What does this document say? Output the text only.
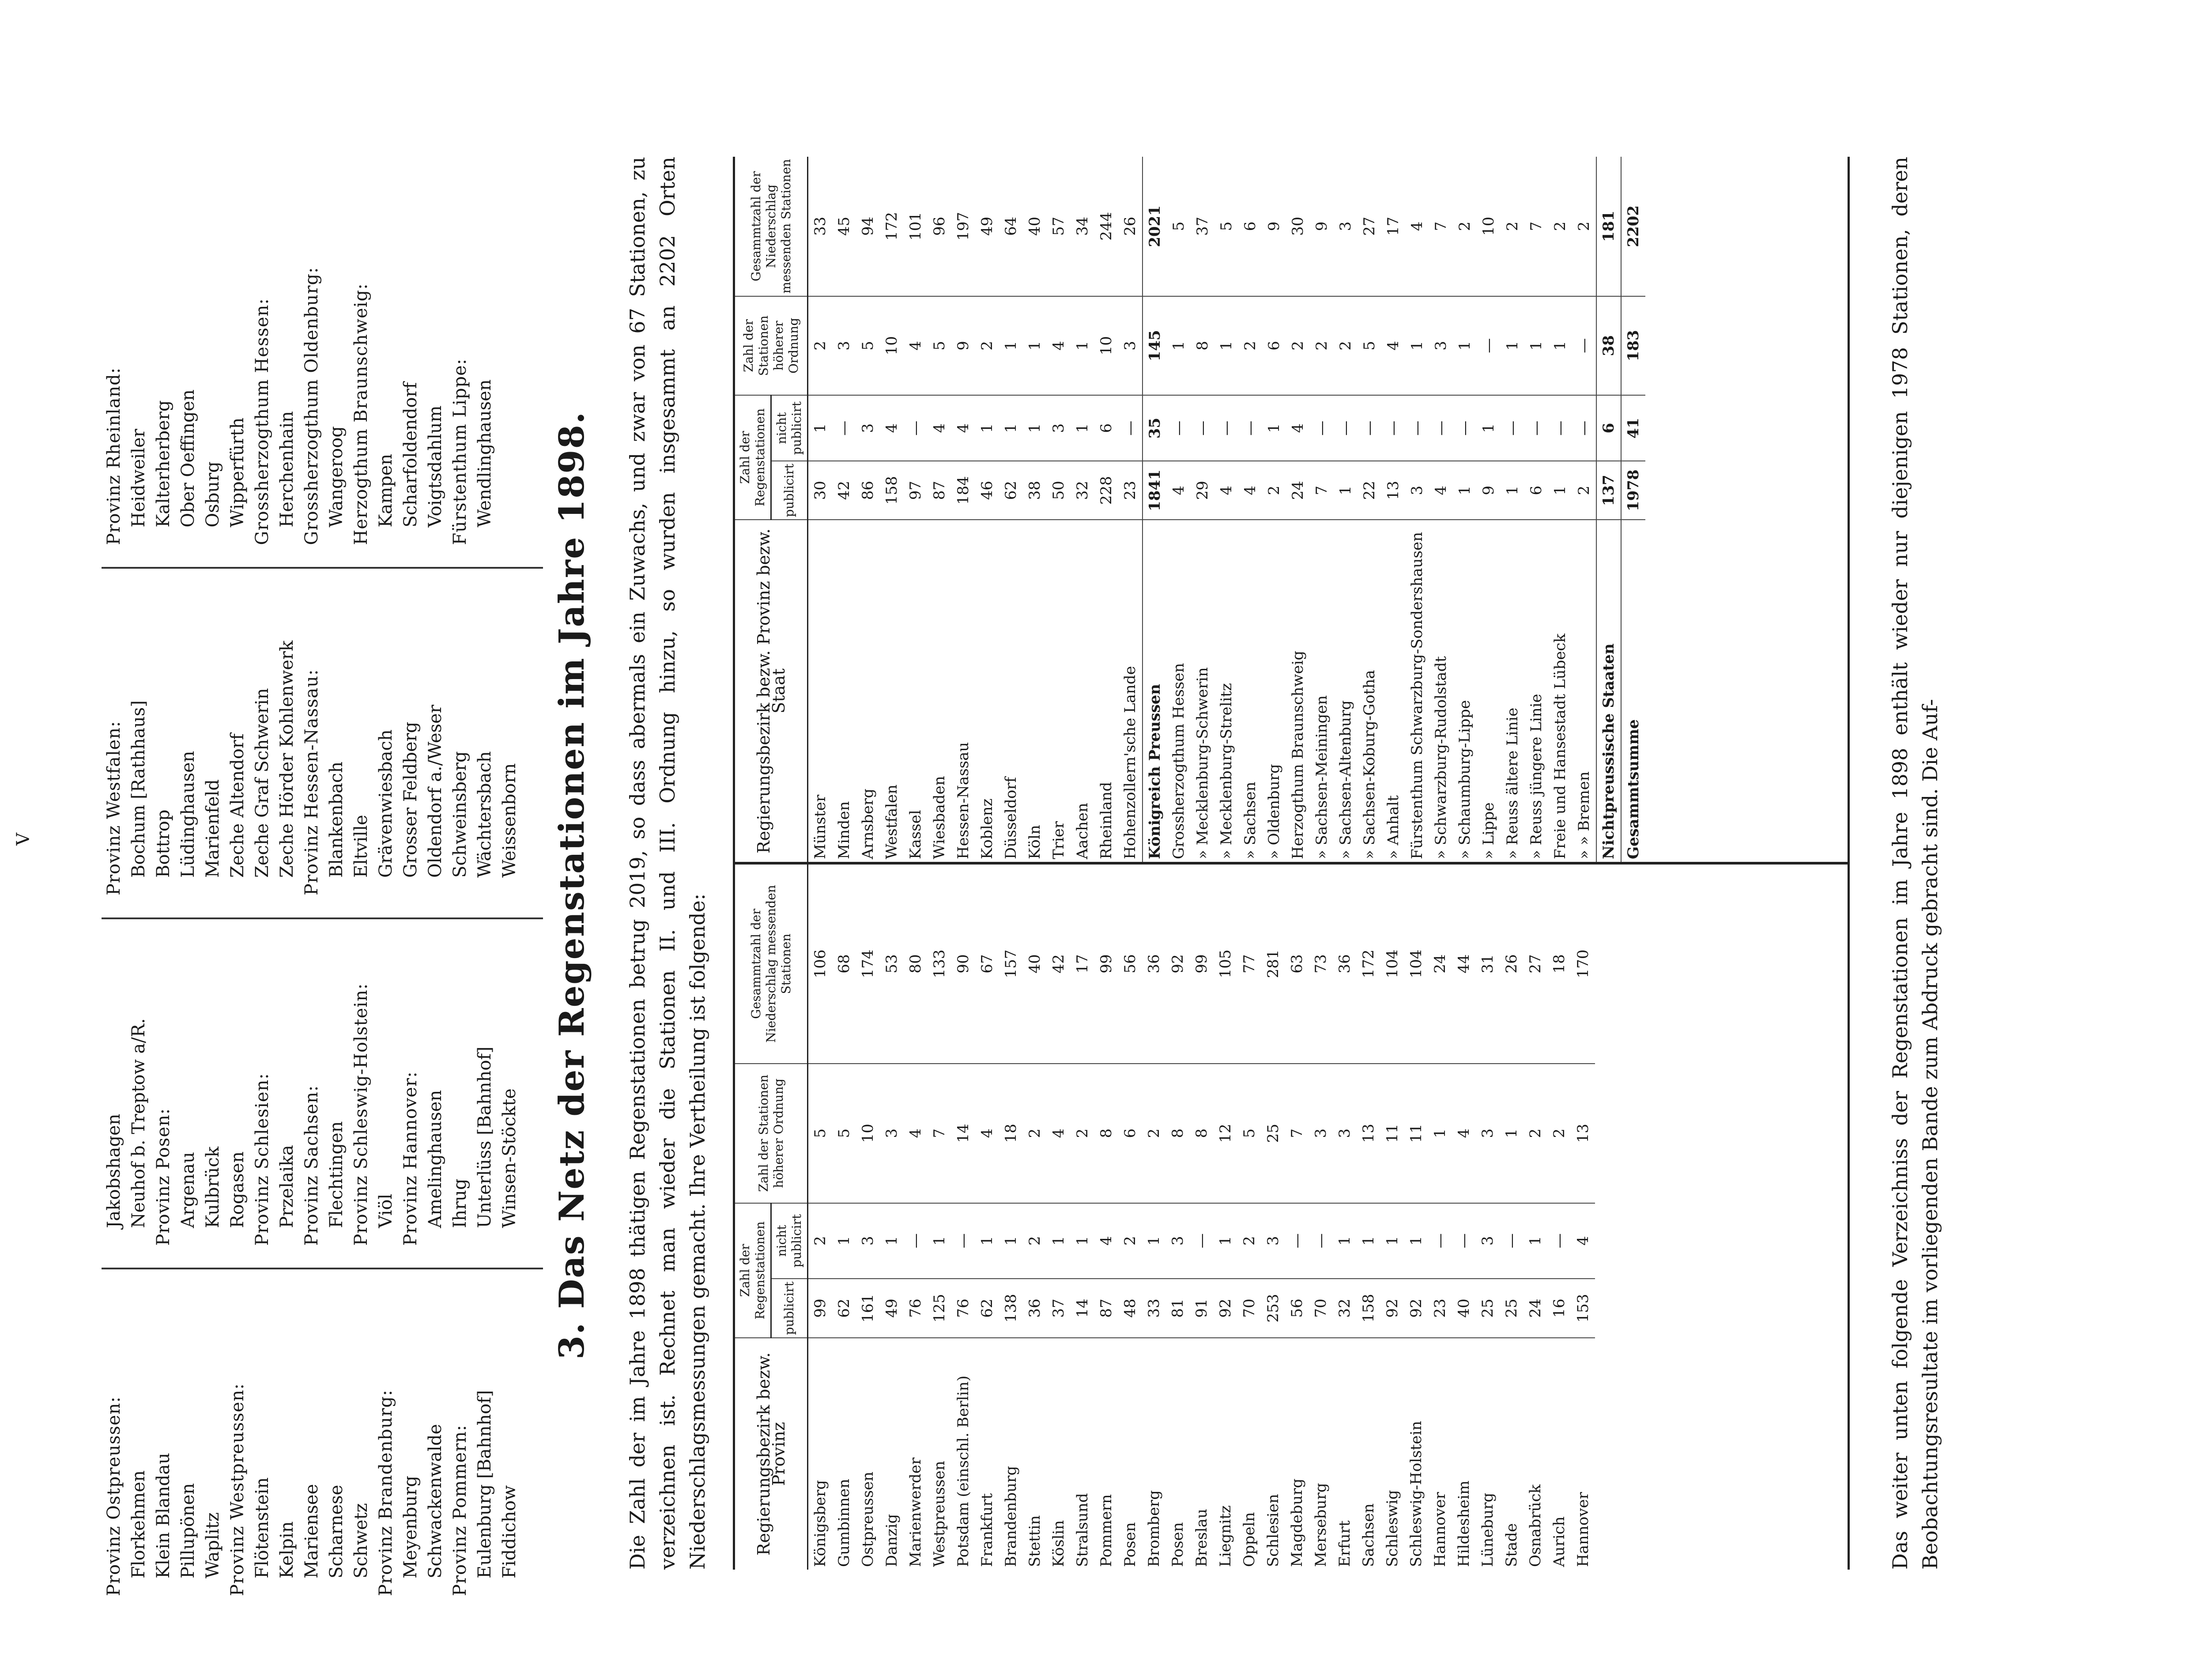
V
Provinz Ostpreussen: Florkehmen Klein Blandau Pillupönen Waplitz Provinz Westpreussen: Flötenstein Kelpin Mariensee Scharnese Schwetz Provinz Brandenburg: Meyenburg Schwackenwalde Provinz Pommern: Eulenburg [Bahnhof] Fiddichow
Jakobshagen Neuhof b. Treptow a/R. Provinz Posen: Argenau Kulbrück Rogasen Provinz Schlesien: Przelaika Provinz Sachsen: Flechtingen Provinz Schleswig-Holstein: Viöl Provinz Hannover: Amelinghausen Ihrug Unterlüss [Bahnhof] Winsen-Stöckte
Provinz Westfalen: Bochum [Rathhaus] Bottrop Lüdinghausen Marienfeld Zeche Altendorf Zeche Graf Schwerin Zeche Hörder Kohlenwerk Provinz Hessen-Nassau: Blankenbach Eltville Grävenwiesbach Grosser Feldberg Oldendorf a./Weser Schweinsberg Wächtersbach Weissenborn
Provinz Rheinland: Heidweiler Kalterherberg Ober Oeffingen Osburg Wipperfürth Grossherzogthum Hessen: Herchenhain Grossherzogthum Oldenburg: Wangeroog Herzogthum Braunschweig: Kampen Scharfoldendorf Voigtsdahlum Fürstenthum Lippe: Wendlinghausen 3. Das Netz der Regenstationen im Jahre 1898. Die Zahl der im Jahre 1898 thätigen Regenstationen betrug 2019, so dass abermals ein Zuwachs, und zwar von 67 Stationen, zu verzeichnen ist. Rechnet man wieder die Stationen II. und III. Ordnung hinzu, so wurden insgesammt an 2202 Orten Niederschlagsmessungen gemacht. Ihre Vertheilung ist folgende:	Regierungsbezirk bezw. Provinz	Zahl der Regenstationen		Zahl der Stationen höherer Ordnung	Gesammtzahl der Niederschlag messenden Stationen
	publicirt	nicht publicirt		
Königsberg	99	2	5	106
Gumbinnen	62	1	5	68
Ostpreussen	161	3	10	174
Danzig	49	1	3	53
Marienwerder	76	—	4	80
Westpreussen	125	1	7	133
Potsdam (einschl. Berlin)	76	—	14	90
Frankfurt	62	1	4	67
Brandenburg	138	1	18	157
Stettin	36	2	2	40
Köslin	37	1	4	42
Stralsund	14	1	2	17
Pommern	87	4	8	99
Posen	48	2	6	56
Bromberg	33	1	2	36
Posen	81	3	8	92
Breslau	91	—	8	99
Liegnitz	92	1	12	105
Oppeln	70	2	5	77
Schlesien	253	3	25	281
Magdeburg	56	—	7	63
Merseburg	70	—	3	73
Erfurt	32	1	3	36
Sachsen	158	1	13	172
Schleswig	92	1	11	104
Schleswig-Holstein	92	1	11	104
Hannover	23	—	1	24
Hildesheim	40	—	4	44
Lüneburg	25	3	3	31
Stade	25	—	1	26
Osnabrück	24	1	2	27
Aurich	16	—	2	18
Hannover	153	4	13	170
Regierungsbezirk bezw. Provinz bezw. Staat	Zahl der Regenstationen		Zahl der Stationen höherer Ordnung	Gesammtzahl der Niederschlag messenden Stationen
	publicirt	nicht publicirt		
Münster	30	1	2	33
Minden	42	—	3	45
Arnsberg	86	3	5	94
Westfalen	158	4	10	172
Kassel	97	—	4	101
Wiesbaden	87	4	5	96
Hessen-Nassau	184	4	9	197
Koblenz	46	1	2	49
Düsseldorf	62	1	1	64
Köln	38	1	1	40
Trier	50	3	4	57
Aachen	32	1	1	34
Rheinland	228	6	10	244
Hohenzollern'sche Lande	23	—	3	26
Königreich Preussen	1841	35	145	2021
Grossherzogthum Hessen	4	—	1	5
» Mecklenburg-Schwerin	29	—	8	37
» Mecklenburg-Strelitz	4	—	1	5
» Sachsen	4	—	2	6
» Oldenburg	2	1	6	9
Herzogthum Braunschweig	24	4	2	30
» Sachsen-Meiningen	7	—	2	9
» Sachsen-Altenburg	1	—	2	3
» Sachsen-Koburg-Gotha	22	—	5	27
» Anhalt	13	—	4	17
Fürstenthum Schwarzburg-Sondershausen	3	—	1	4
» Schwarzburg-Rudolstadt	4	—	3	7
» Schaumburg-Lippe	1	—	1	2
» Lippe	9	1	—	10
» Reuss ältere Linie	1	—	1	2
» Reuss jüngere Linie	6	—	1	7
Freie und Hansestadt Lübeck	1	—	1	2
» » Bremen	2	—	—	2
Nichtpreussische Staaten	137	6	38	181
Gesammtsumme	1978	41	183	2202	Das weiter unten folgende Verzeichniss der Regenstationen im Jahre 1898 enthält wieder nur diejenigen 1978 Stationen, deren Beobachtungsresultate im vorliegenden Bande zum Abdruck gebracht sind. Die Auf-
